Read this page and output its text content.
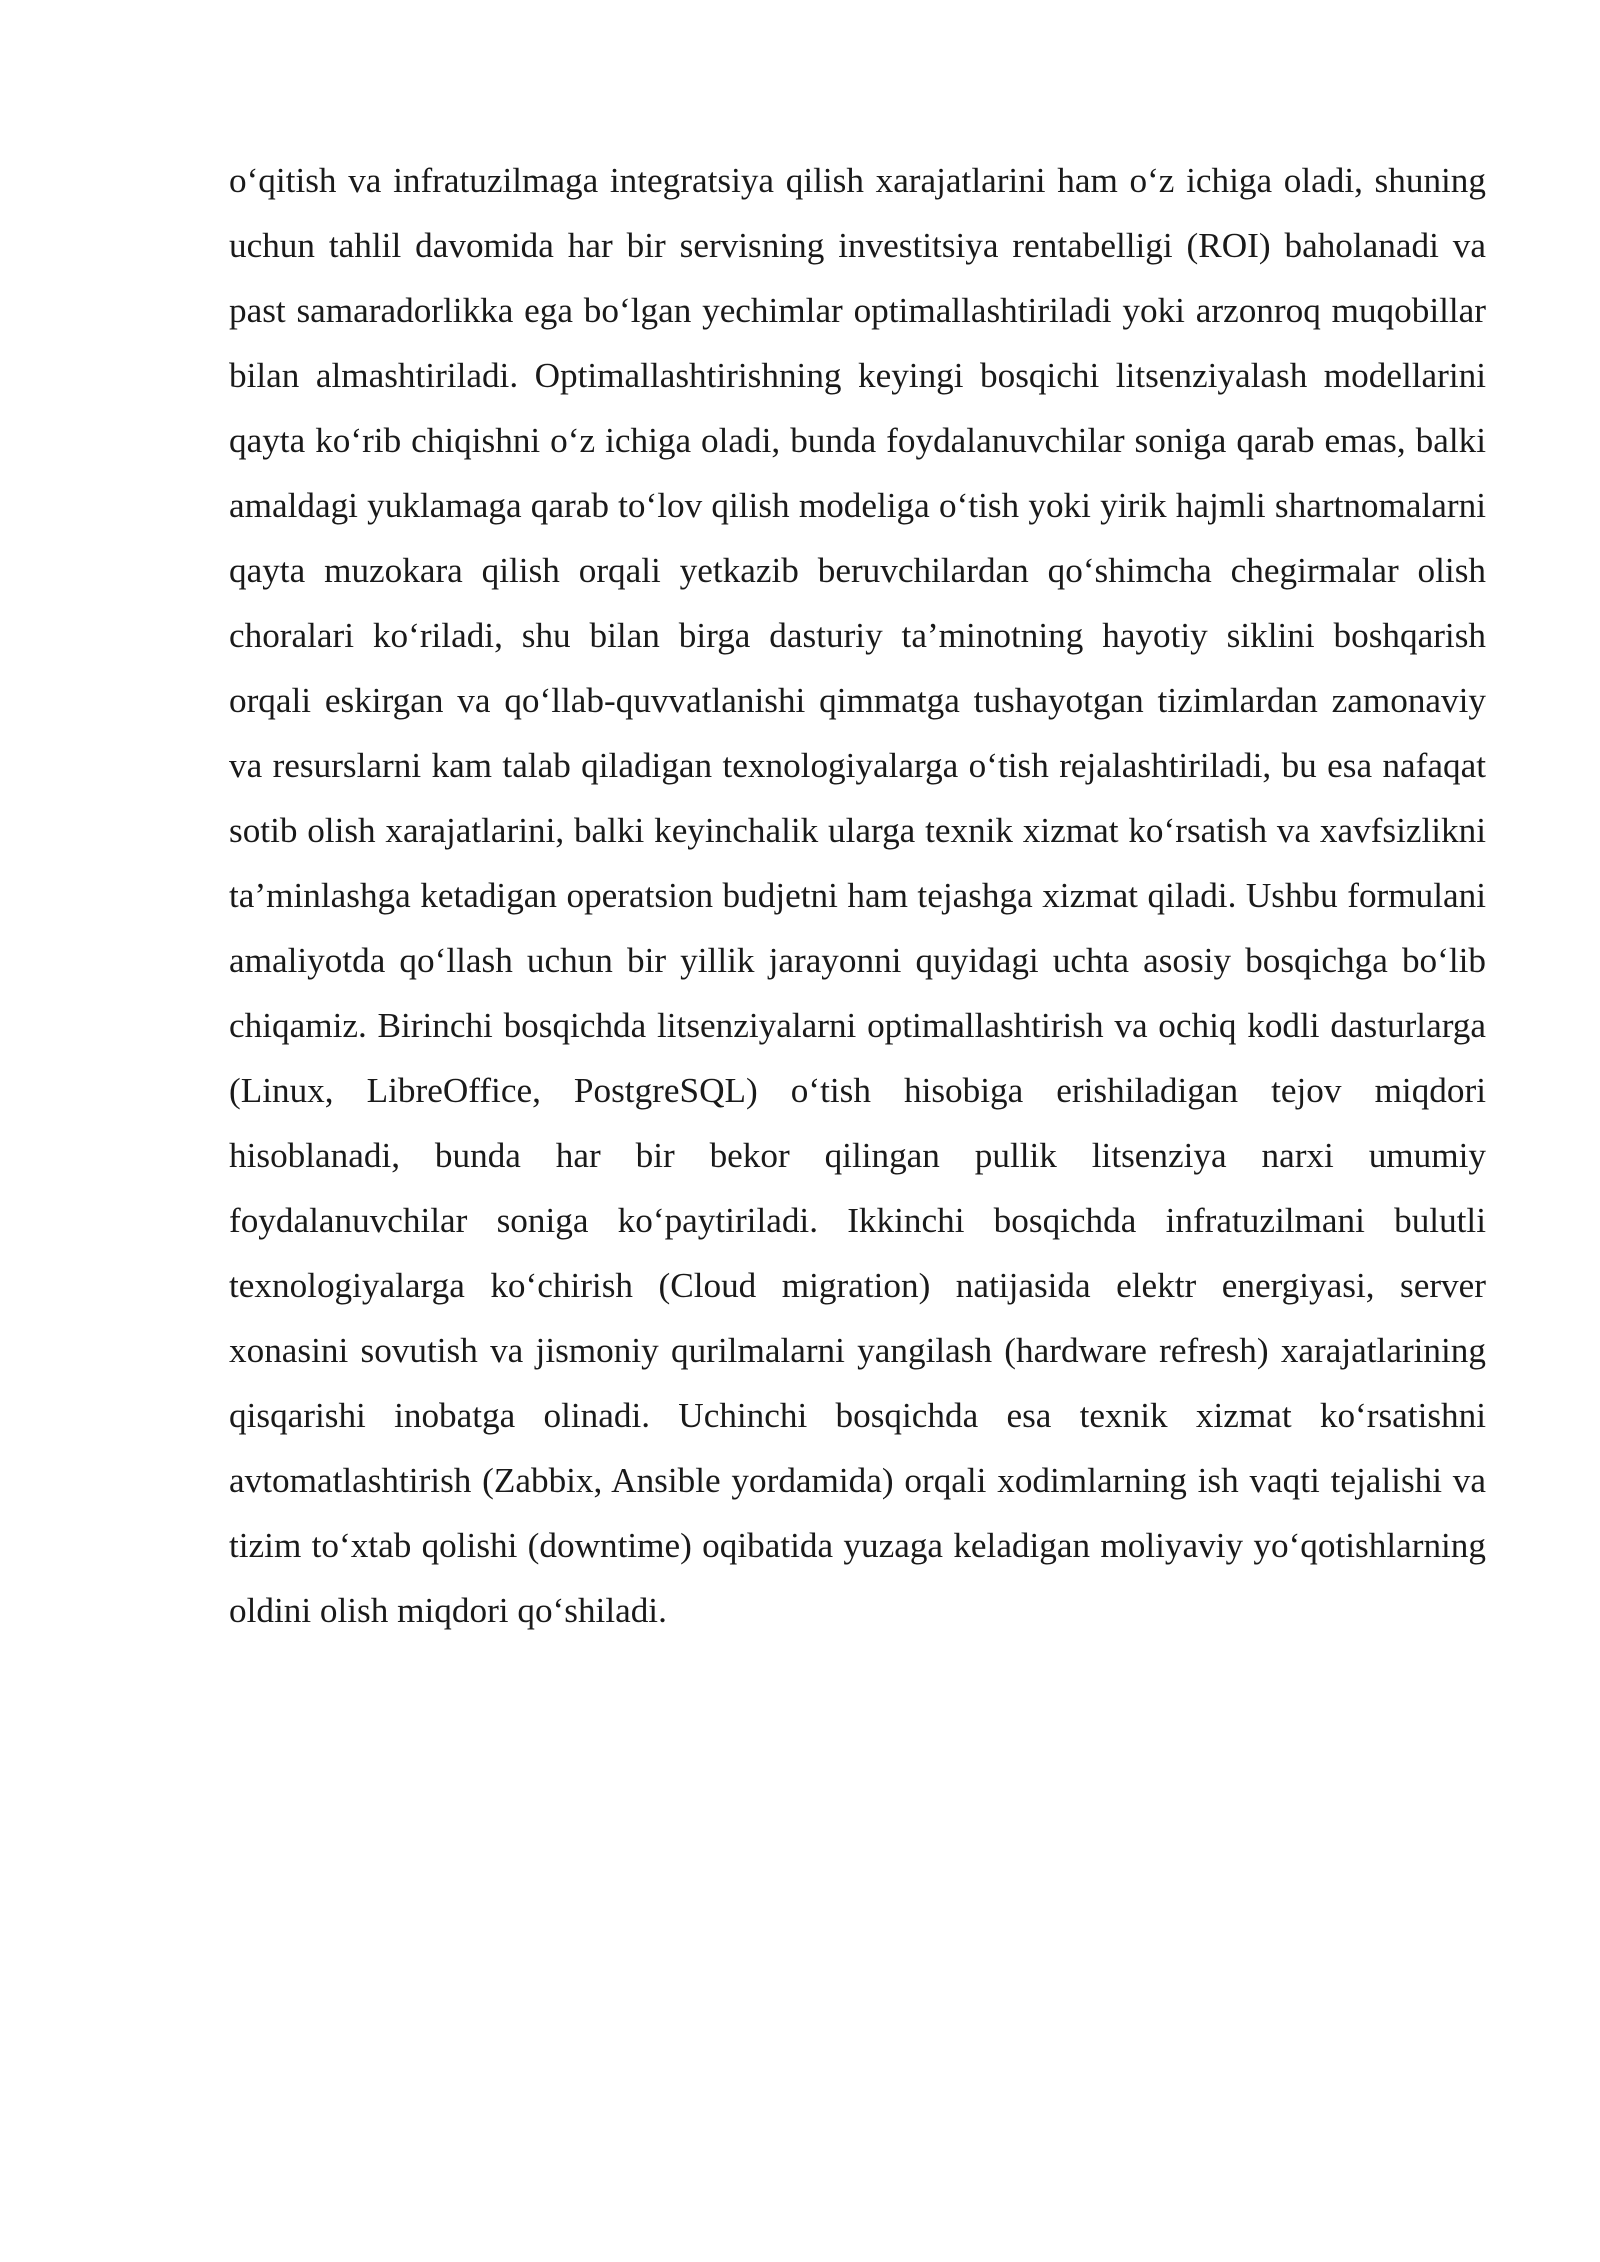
o‘qitish va infratuzilmaga integratsiya qilish xarajatlarini ham o‘z ichiga oladi, shuning uchun tahlil davomida har bir servisning investitsiya rentabelligi (ROI) baholanadi va past samaradorlikka ega bo‘lgan yechimlar optimallashtiriladi yoki arzonroq muqobillar bilan almashtiriladi. Optimallashtirishning keyingi bosqichi litsenziyalash modellarini qayta ko‘rib chiqishni o‘z ichiga oladi, bunda foydalanuvchilar soniga qarab emas, balki amaldagi yuklamaga qarab to‘lov qilish modeliga o‘tish yoki yirik hajmli shartnomalarni qayta muzokara qilish orqali yetkazib beruvchilardan qo‘shimcha chegirmalar olish choralari ko‘riladi, shu bilan birga dasturiy ta’minotning hayotiy siklini boshqarish orqali eskirgan va qo‘llab-quvvatlanishi qimmatga tushayotgan tizimlardan zamonaviy va resurslarni kam talab qiladigan texnologiyalarga o‘tish rejalashtiriladi, bu esa nafaqat sotib olish xarajatlarini, balki keyinchalik ularga texnik xizmat ko‘rsatish va xavfsizlikni ta’minlashga ketadigan operatsion budjetni ham tejashga xizmat qiladi. Ushbu formulani amaliyotda qo‘llash uchun bir yillik jarayonni quyidagi uchta asosiy bosqichga bo‘lib chiqamiz. Birinchi bosqichda litsenziyalarni optimallashtirish va ochiq kodli dasturlarga (Linux, LibreOffice, PostgreSQL) o‘tish hisobiga erishiladigan tejov miqdori hisoblanadi, bunda har bir bekor qilingan pullik litsenziya narxi umumiy foydalanuvchilar soniga ko‘paytiriladi. Ikkinchi bosqichda infratuzilmani bulutli texnologiyalarga ko‘chirish (Cloud migration) natijasida elektr energiyasi, server xonasini sovutish va jismoniy qurilmalarni yangilash (hardware refresh) xarajatlarining qisqarishi inobatga olinadi. Uchinchi bosqichda esa texnik xizmat ko‘rsatishni avtomatlashtirish (Zabbix, Ansible yordamida) orqali xodimlarning ish vaqti tejalishi va tizim to‘xtab qolishi (downtime) oqibatida yuzaga keladigan moliyaviy yo‘qotishlarning oldini olish miqdori qo‘shiladi.
